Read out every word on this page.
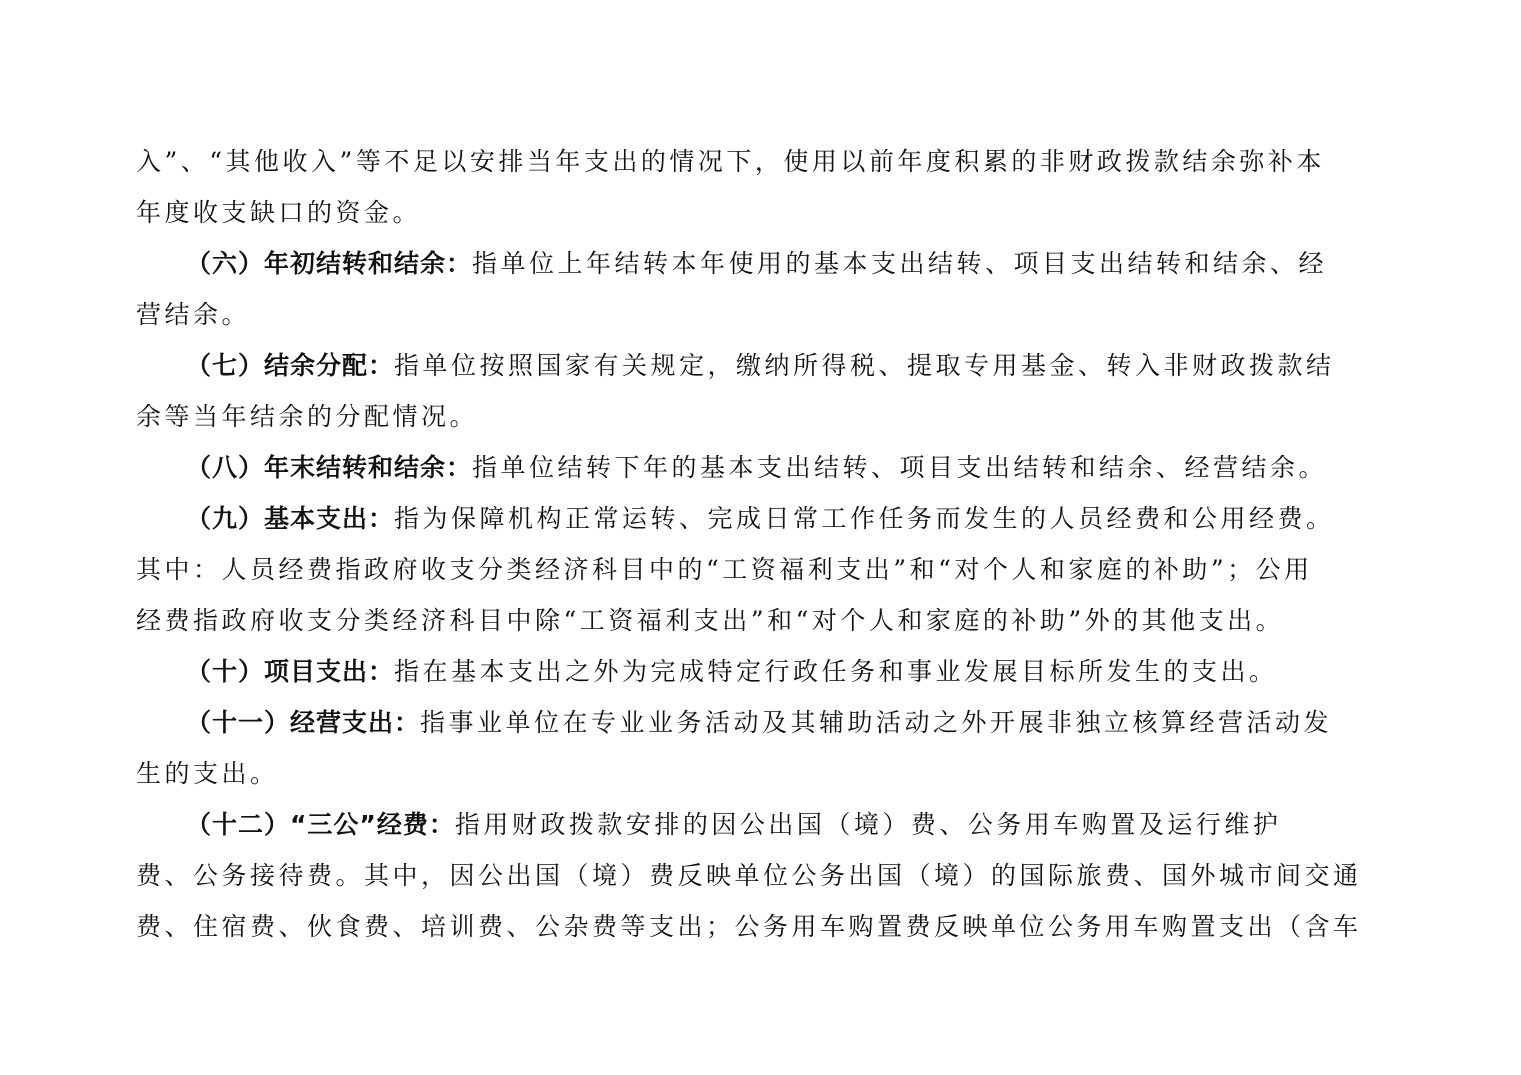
入”、“其他收入”等不足以安排当年支出的情况下，使用以前年度积累的非财政拨款结余弥补本
年度收支缺口的资金。
（六）年初结转和结余：指单位上年结转本年使用的基本支出结转、项目支出结转和结余、经
营结余。
（七）结余分配：指单位按照国家有关规定，缴纳所得税、提取专用基金、转入非财政拨款结
余等当年结余的分配情况。
（八）年末结转和结余：指单位结转下年的基本支出结转、项目支出结转和结余、经营结余。
（九）基本支出：指为保障机构正常运转、完成日常工作任务而发生的人员经费和公用经费。
其中：人员经费指政府收支分类经济科目中的“工资福利支出”和“对个人和家庭的补助”；公用
经费指政府收支分类经济科目中除“工资福利支出”和“对个人和家庭的补助”外的其他支出。
（十）项目支出：指在基本支出之外为完成特定行政任务和事业发展目标所发生的支出。
（十一）经营支出：指事业单位在专业业务活动及其辅助活动之外开展非独立核算经营活动发
生的支出。
（十二）“三公”经费：指用财政拨款安排的因公出国（境）费、公务用车购置及运行维护
费、公务接待费。其中，因公出国（境）费反映单位公务出国（境）的国际旅费、国外城市间交通
费、住宿费、伙食费、培训费、公杂费等支出；公务用车购置费反映单位公务用车购置支出（含车
